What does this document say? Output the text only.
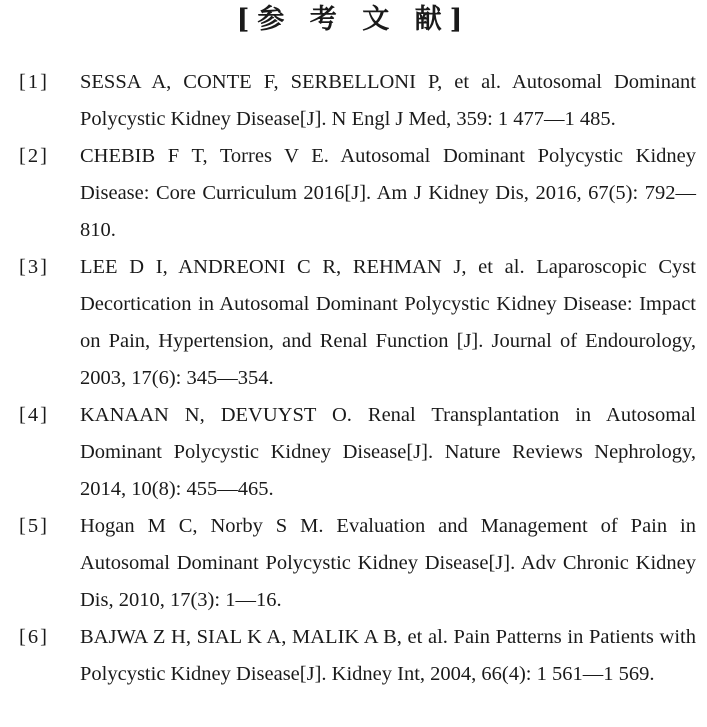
[参 考 文 献]
[1] SESSA A, CONTE F, SERBELLONI P, et al. Autosomal Dominant Polycystic Kidney Disease[J]. N Engl J Med, 359: 1 477—1 485.
[2] CHEBIB F T, Torres V E. Autosomal Dominant Polycystic Kidney Disease: Core Curriculum 2016[J]. Am J Kidney Dis, 2016, 67(5): 792—810.
[3] LEE D I, ANDREONI C R, REHMAN J, et al. Laparoscopic Cyst Decortication in Autosomal Dominant Polycystic Kidney Disease: Impact on Pain, Hypertension, and Renal Function [J]. Journal of Endourology, 2003, 17(6): 345—354.
[4] KANAAN N, DEVUYST O. Renal Transplantation in Autosomal Dominant Polycystic Kidney Disease[J]. Nature Reviews Nephrology, 2014, 10(8): 455—465.
[5] Hogan M C, Norby S M. Evaluation and Management of Pain in Autosomal Dominant Polycystic Kidney Disease[J]. Adv Chronic Kidney Dis, 2010, 17(3): 1—16.
[6] BAJWA Z H, SIAL K A, MALIK A B, et al. Pain Patterns in Patients with Polycystic Kidney Disease[J]. Kidney Int, 2004, 66(4): 1 561—1 569.
